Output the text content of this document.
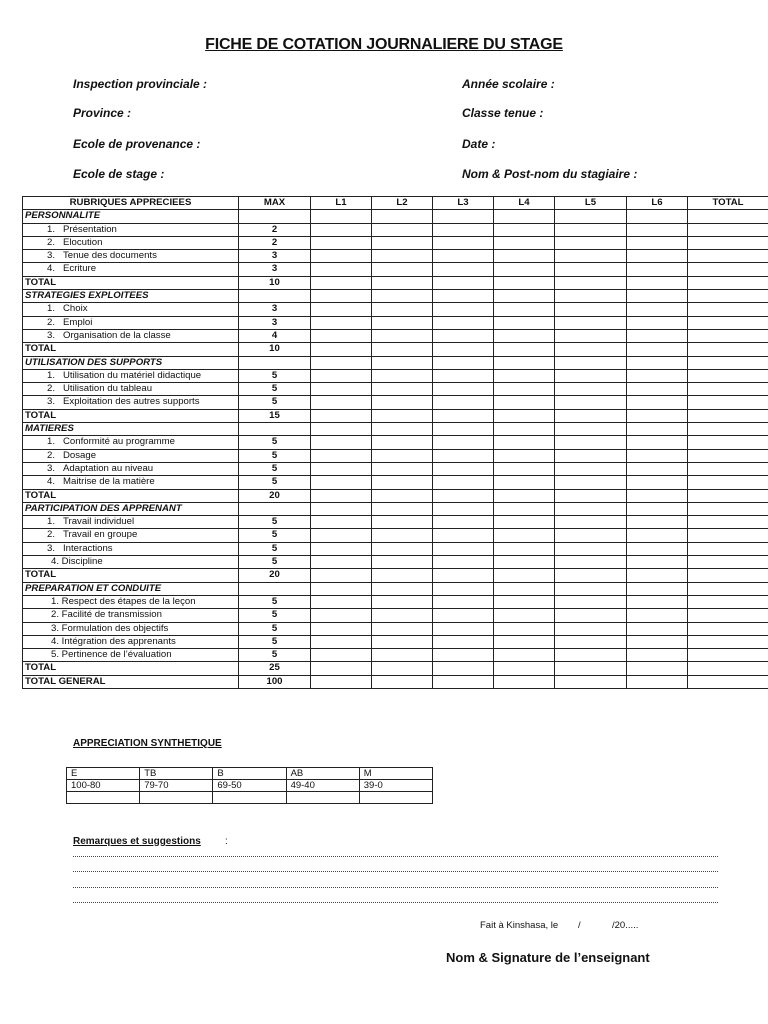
FICHE DE COTATION JOURNALIERE DU STAGE
Inspection provinciale :
Province :
Ecole de provenance :
Ecole de stage :
Année scolaire :
Classe tenue :
Date :
Nom & Post-nom du stagiaire :
RUBRIQUES APPRECIEES	MAX	L1	L2	L3	L4	L5	L6	TOTAL
PERSONNALITE								
1. Présentation	2							
2. Elocution	2							
3. Tenue des documents	3							
4. Ecriture	3							
TOTAL	10							
STRATEGIES EXPLOITEES								
1. Choix	3							
2. Emploi	3							
3. Organisation de la classe	4							
TOTAL	10							
UTILISATION DES SUPPORTS								
1. Utilisation du matériel didactique	5							
2. Utilisation du tableau	5							
3. Exploitation des autres supports	5							
TOTAL	15							
MATIERES								
1. Conformité au programme	5							
2. Dosage	5							
3. Adaptation au niveau	5							
4. Maitrise de la matière	5							
TOTAL	20							
PARTICIPATION DES APPRENANT								
1. Travail individuel	5							
2. Travail en groupe	5							
3. Interactions	5							
4. Discipline	5							
TOTAL	20							
PREPARATION ET CONDUITE								
1. Respect des étapes de la leçon	5							
2. Facilité de transmission	5							
3. Formulation des objectifs	5							
4. Intégration des apprenants	5							
5. Pertinence de l’évaluation	5							
TOTAL	25							
TOTAL GENERAL	100							
APPRECIATION SYNTHETIQUE
E	TB	B	AB	M
100-80	79-70	69-50	49-40	39-0

Remarques et suggestions :
Fait à Kinshasa, le /	/20.....
Nom & Signature de l’enseignant
